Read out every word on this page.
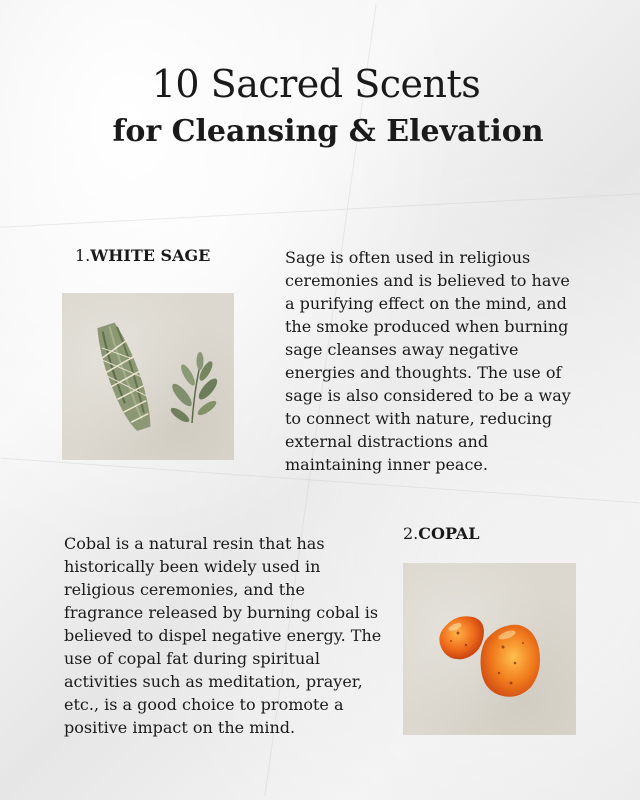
10 Sacred Scents
for Cleansing & Elevation
1.WHITE SAGE	Sage is often used in religious
ceremonies and is believed to have
a purifying effect on the mind, and
the smoke produced when burning
sage cleanses away negative
energies and thoughts. The use of
sage is also considered to be a way
to connect with nature, reducing
external distractions and
maintaining inner peace.
2.COPAL
Cobal is a natural resin that has
historically been widely used in
religious ceremonies, and the
fragrance released by burning cobal is
believed to dispel negative energy. The
use of copal fat during spiritual
activities such as meditation, prayer,
etc., is a good choice to promote a
positive impact on the mind.
